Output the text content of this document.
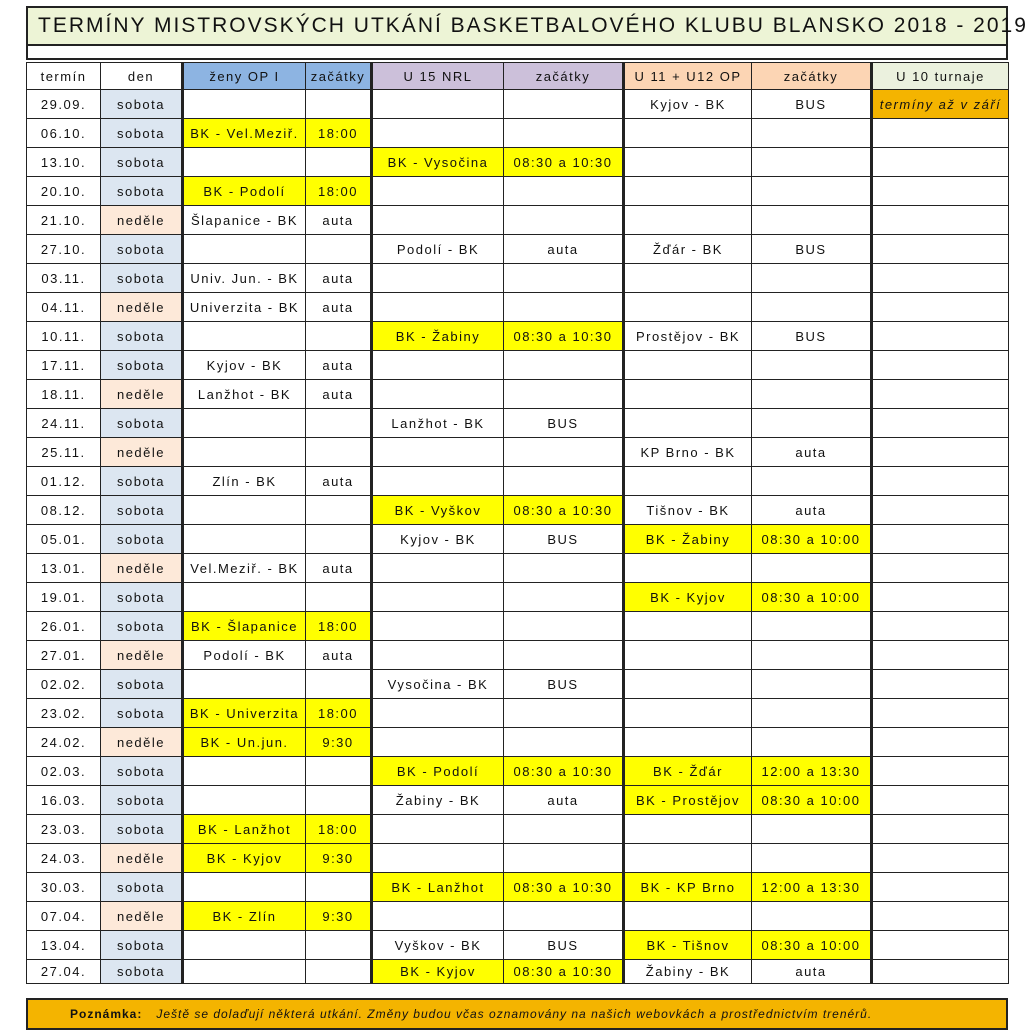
TERMÍNY MISTROVSKÝCH UTKÁNÍ BASKETBALOVÉHO KLUBU BLANSKO 2018 - 2019
termín	den	ženy OP I	začátky	U 15 NRL	začátky	U 11 + U12 OP	začátky	U 10 turnaje
29.09.	sobota					Kyjov - BK	BUS	termíny až v září
06.10.	sobota	BK - Vel.Meziř.	18:00					
13.10.	sobota			BK - Vysočina	08:30 a 10:30			
20.10.	sobota	BK - Podolí	18:00					
21.10.	neděle	Šlapanice - BK	auta					
27.10.	sobota			Podolí - BK	auta	Žďár - BK	BUS	
03.11.	sobota	Univ. Jun. - BK	auta					
04.11.	neděle	Univerzita - BK	auta					
10.11.	sobota			BK - Žabiny	08:30 a 10:30	Prostějov - BK	BUS	
17.11.	sobota	Kyjov - BK	auta					
18.11.	neděle	Lanžhot - BK	auta					
24.11.	sobota			Lanžhot - BK	BUS			
25.11.	neděle					KP Brno - BK	auta	
01.12.	sobota	Zlín - BK	auta					
08.12.	sobota			BK - Vyškov	08:30 a 10:30	Tišnov - BK	auta	
05.01.	sobota			Kyjov - BK	BUS	BK - Žabiny	08:30 a 10:00	
13.01.	neděle	Vel.Meziř. - BK	auta					
19.01.	sobota					BK - Kyjov	08:30 a 10:00	
26.01.	sobota	BK - Šlapanice	18:00					
27.01.	neděle	Podolí - BK	auta					
02.02.	sobota			Vysočina - BK	BUS			
23.02.	sobota	BK - Univerzita	18:00					
24.02.	neděle	BK - Un.jun.	9:30					
02.03.	sobota			BK - Podolí	08:30 a 10:30	BK - Žďár	12:00 a 13:30	
16.03.	sobota			Žabiny - BK	auta	BK - Prostějov	08:30 a 10:00	
23.03.	sobota	BK - Lanžhot	18:00					
24.03.	neděle	BK - Kyjov	9:30					
30.03.	sobota			BK - Lanžhot	08:30 a 10:30	BK - KP Brno	12:00 a 13:30	
07.04.	neděle	BK - Zlín	9:30					
13.04.	sobota			Vyškov - BK	BUS	BK - Tišnov	08:30 a 10:00	
27.04.	sobota			BK - Kyjov	08:30 a 10:30	Žabiny - BK	auta	
Poznámka: Ještě se dolaďují některá utkání. Změny budou včas oznamovány na našich webovkách a prostřednictvím trenérů.
